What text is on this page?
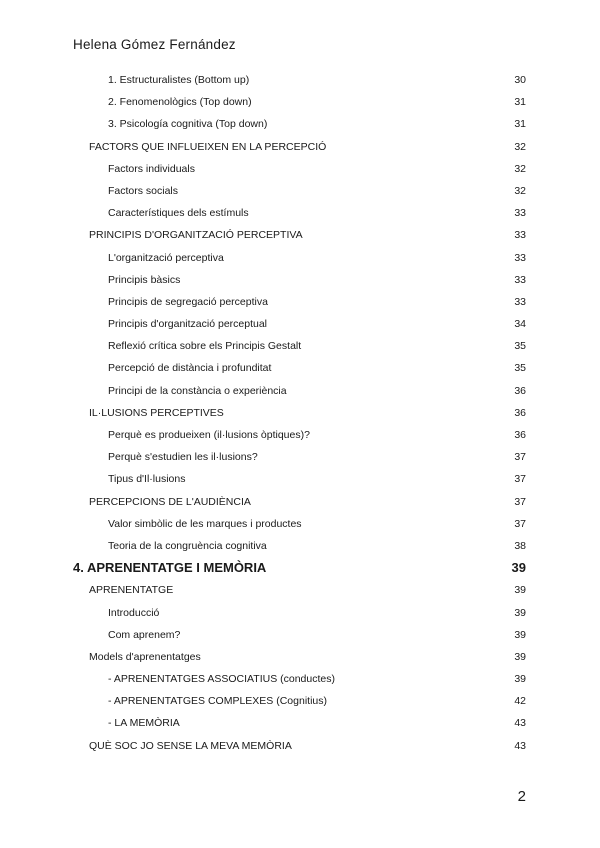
Helena Gómez Fernández
1. Estructuralistes (Bottom up)	30
2. Fenomenològics (Top down)	31
3. Psicología cognitiva (Top down)	31
FACTORS QUE INFLUEIXEN EN LA PERCEPCIÓ	32
Factors individuals	32
Factors socials	32
Característiques dels estímuls	33
PRINCIPIS D'ORGANITZACIÓ PERCEPTIVA	33
L'organització perceptiva	33
Principis bàsics	33
Principis de segregació perceptiva	33
Principis d'organització perceptual	34
Reflexió crítica sobre els Principis Gestalt	35
Percepció de distància i profunditat	35
Principi de la constància o experiència	36
IL·LUSIONS PERCEPTIVES	36
Perquè es produeixen (il·lusions òptiques)?	36
Perquè s'estudien les il·lusions?	37
Tipus d'Il·lusions	37
PERCEPCIONS DE L'AUDIÈNCIA	37
Valor simbòlic de les marques i productes	37
Teoria de la congruència cognitiva	38
4. APRENENTATGE I MEMÒRIA	39
APRENENTATGE	39
Introducció	39
Com aprenem?	39
Models d'aprenentatges	39
- APRENENTATGES ASSOCIATIUS (conductes)	39
- APRENENTATGES COMPLEXES (Cognitius)	42
- LA MEMÒRIA	43
QUÈ SOC JO SENSE LA MEVA MEMÒRIA	43
2
